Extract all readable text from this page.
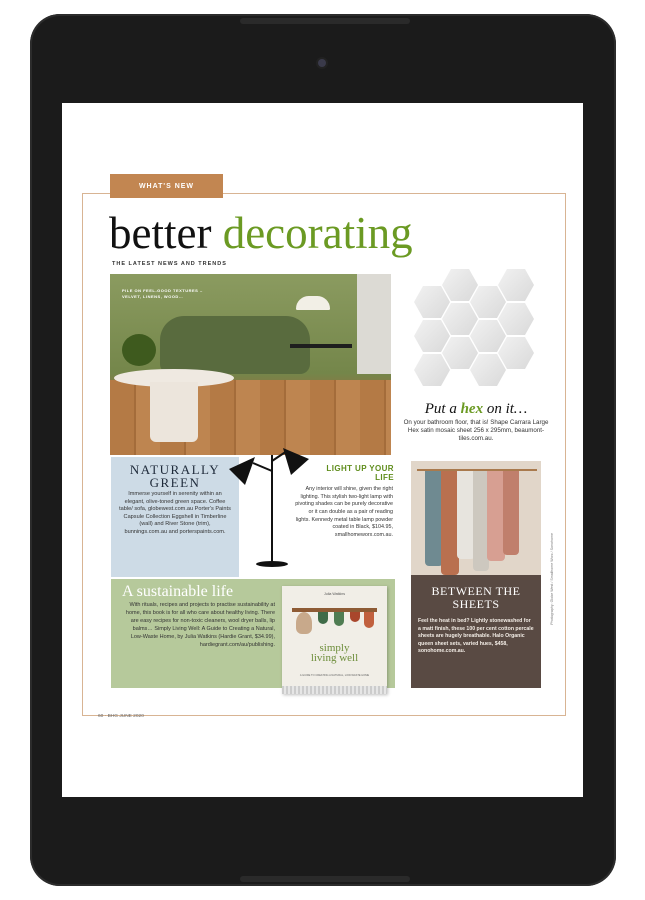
WHAT'S NEW
better decorating
THE LATEST NEWS AND TRENDS
PILE ON FEEL-GOOD TEXTURES – VELVET, LINENS, WOOD…
Put a hex on it…
On your bathroom floor, that is! Shape Carrara Large Hex satin mosaic sheet 256 x 295mm, beaumont-tiles.com.au.
NATURALLY GREEN
Immerse yourself in serenity within an elegant, olive-toned green space. Coffee table/ sofa, globewest.com.au Porter's Paints Capsule Collection Eggshell in Timberline (wall) and River Stone (trim), bunnings.com.au and porterspaints.com.
LIGHT UP YOUR LIFE
Any interior will shine, given the right lighting. This stylish two-light lamp with pivoting shades can be purely decorative or it can double as a pair of reading lights. Kennedy metal table lamp powder coated in Black, $104.95, smallhomeworx.com.au.
BETWEEN THE SHEETS
Feel the heat in bed? Lightly stonewashed for a matt finish, these 100 per cent cotton percale sheets are hugely breathable. Halo Organic queen sheet sets, varied hues, $458, sonohome.com.au.
Photography: Globe West / Smallhome Worx / Sonohome
A sustainable life
With rituals, recipes and projects to practise sustainability at home, this book is for all who care about healthy living. There are easy recipes for non-toxic cleaners, wool dryer balls, lip balms… Simply Living Well: A Guide to Creating a Natural, Low-Waste Home, by Julia Watkins (Hardie Grant, $34.99), hardiegrant.com/au/publishing.
Julia Watkins
simply
living well
A GUIDE TO CREATING A NATURAL, LOW-WASTE HOME
60 · BHG JUNE 2020
